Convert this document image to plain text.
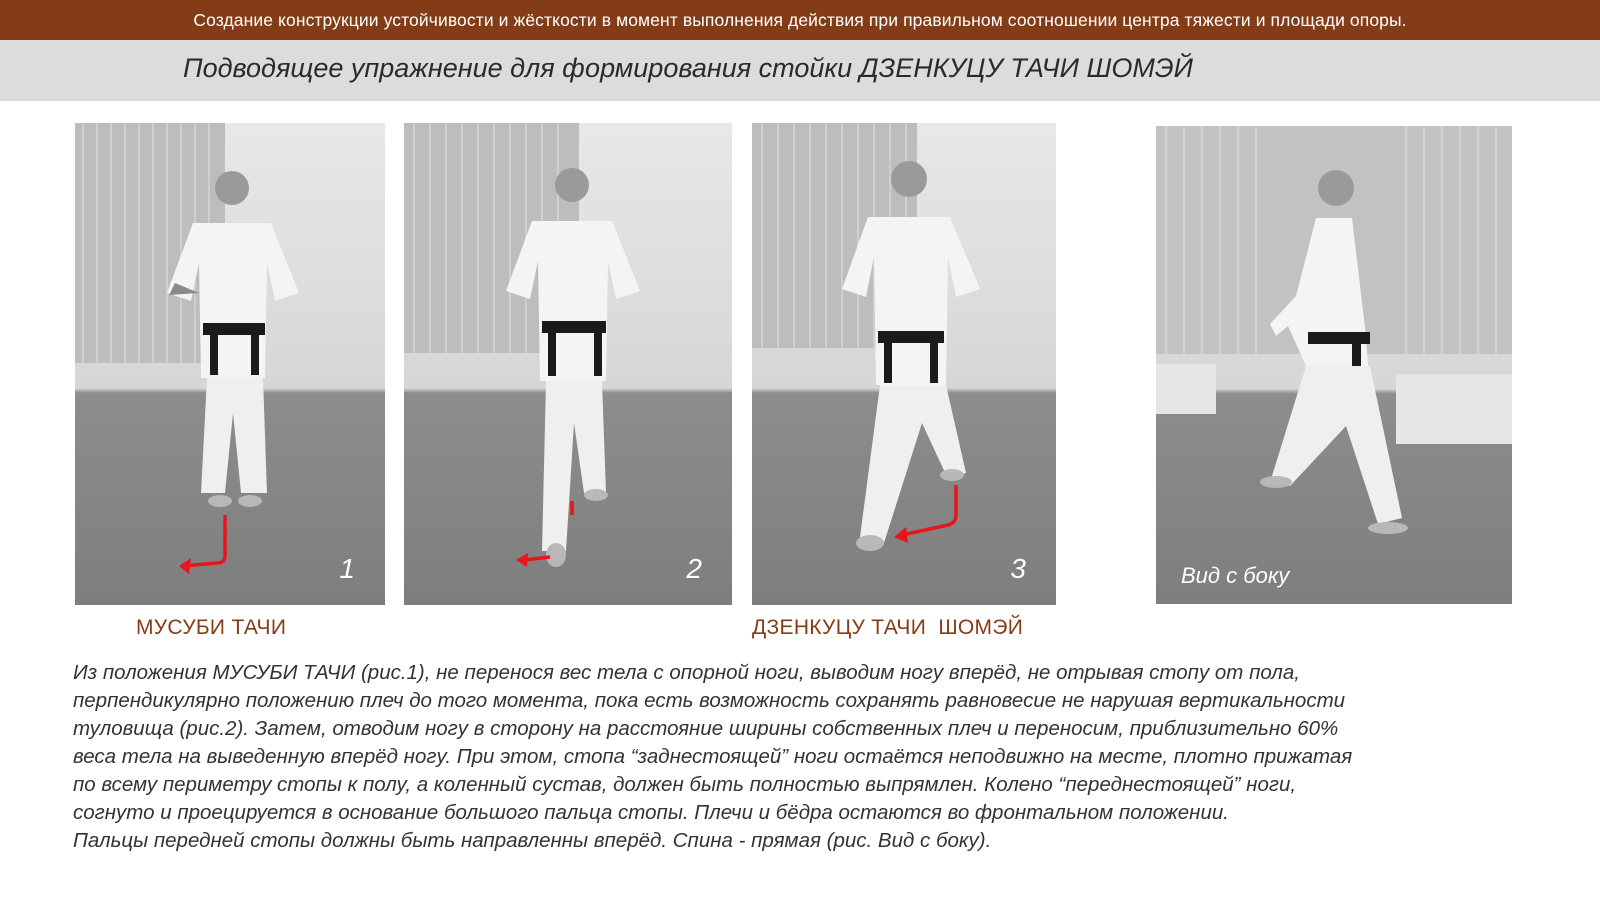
Создание конструкции устойчивости и жёсткости в момент выполнения действия при правильном соотношении центра тяжести и площади опоры.
Подводящее упражнение для формирования стойки ДЗЕНКУЦУ ТАЧИ ШОМЭЙ
1	2	3	Вид с боку
МУСУБИ ТАЧИ	ДЗЕНКУЦУ ТАЧИ  ШОМЭЙ

Из положения МУСУБИ ТАЧИ (рис.1), не перенося вес тела с опорной ноги, выводим ногу вперёд, не отрывая стопу от пола,

перпендикулярно положению плеч до того момента, пока есть возможность сохранять равновесие не нарушая вертикальности

туловища (рис.2). Затем, отводим ногу в сторону на расстояние ширины собственных плеч и переносим, приблизительно 60%

веса тела на выведенную вперёд ногу. При этом, стопа “заднестоящей” ноги остаётся неподвижно на месте, плотно прижатая

по всему периметру стопы к полу, а коленный сустав, должен быть полностью выпрямлен. Колено “переднестоящей” ноги,

согнуто и проецируется в основание большого пальца стопы. Плечи и бёдра остаются во фронтальном положении.

Пальцы передней стопы должны быть направленны вперёд. Спина - прямая (рис. Вид с боку).
